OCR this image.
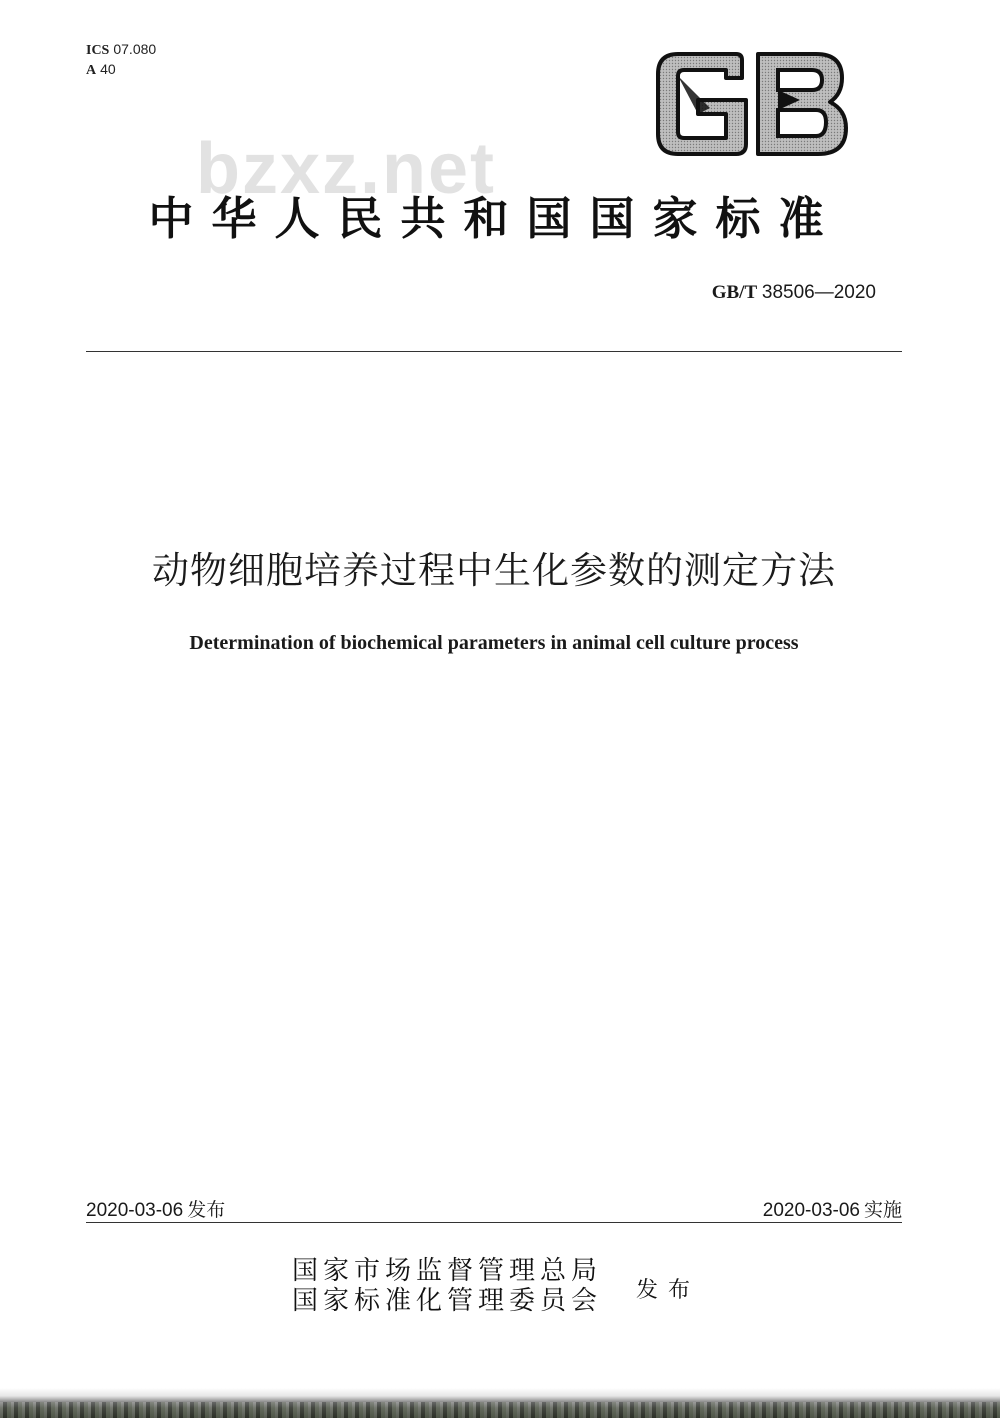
ICS 07.080
A 40
bzxz.net
中华人民共和国国家标准
GB/T 38506—2020
动物细胞培养过程中生化参数的测定方法
Determination of biochemical parameters in animal cell culture process
2020-03-06 发布	2020-03-06 实施
国家市场监督管理总局
国家标准化管理委员会 发布
